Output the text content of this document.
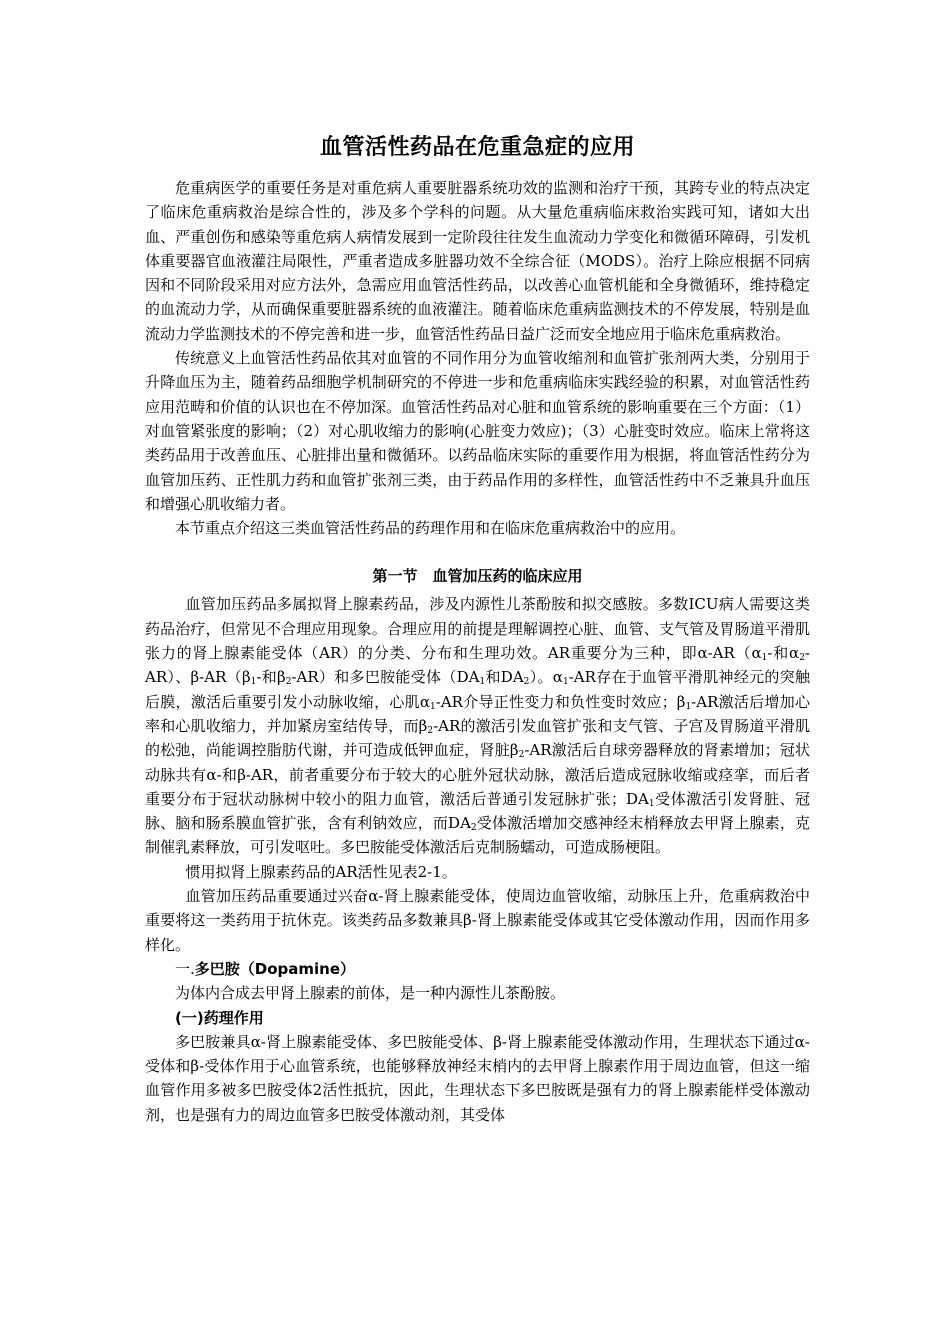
血管活性药品在危重急症的应用

危重病医学的重要任务是对重危病人重要脏器系统功效的监测和治疗干预，其跨专业的特点决定了临床危重病救治是综合性的，涉及多个学科的问题。从大量危重病临床救治实践可知，诸如大出血、严重创伤和感染等重危病人病情发展到一定阶段往往发生血流动力学变化和微循环障碍，引发机体重要器官血液灌注局限性，严重者造成多脏器功效不全综合征（MODS）。治疗上除应根据不同病因和不同阶段采用对应方法外，急需应用血管活性药品，以改善心血管机能和全身微循环，维持稳定的血流动力学，从而确保重要脏器系统的血液灌注。随着临床危重病监测技术的不停发展，特别是血流动力学监测技术的不停完善和进一步，血管活性药品日益广泛而安全地应用于临床危重病救治。

传统意义上血管活性药品依其对血管的不同作用分为血管收缩剂和血管扩张剂两大类，分别用于升降血压为主，随着药品细胞学机制研究的不停进一步和危重病临床实践经验的积累，对血管活性药应用范畴和价值的认识也在不停加深。血管活性药品对心脏和血管系统的影响重要在三个方面：（1）对血管紧张度的影响；（2）对心肌收缩力的影响(心脏变力效应)；（3）心脏变时效应。临床上常将这类药品用于改善血压、心脏排出量和微循环。以药品临床实际的重要作用为根据，将血管活性药分为血管加压药、正性肌力药和血管扩张剂三类，由于药品作用的多样性，血管活性药中不乏兼具升血压和增强心肌收缩力者。

本节重点介绍这三类血管活性药品的药理作用和在临床危重病救治中的应用。

第一节　血管加压药的临床应用

血管加压药品多属拟肾上腺素药品，涉及内源性儿茶酚胺和拟交感胺。多数ICU病人需要这类药品治疗，但常见不合理应用现象。合理应用的前提是理解调控心脏、血管、支气管及胃肠道平滑肌张力的肾上腺素能受体（AR）的分类、分布和生理功效。AR重要分为三种，即$\alpha-AR(\alpha_1-$和$\alpha_2-AR$）、$\beta-AR(\beta_1-$和$\beta_2-AR$）和多巴胺能受体（$DA_1$和$DA_2$）。$\alpha_1-AR$存在于血管平滑肌神经元的突触后膜，激活后重要引发小动脉收缩，心肌$\alpha_1-AR$介导正性变力和负性变时效应；$\beta_1-AR$激活后增加心率和心肌收缩力，并加紧房室结传导，而$\beta_2-AR$的激活引发血管扩张和支气管、子宫及胃肠道平滑肌的松弛，尚能调控脂肪代谢，并可造成低钾血症，肾脏$\beta_2-AR$激活后自球旁器释放的肾素增加；冠状动脉共有α-和β-AR，前者重要分布于较大的心脏外冠状动脉，激活后造成冠脉收缩或痉挛，而后者重要分布于冠状动脉树中较小的阻力血管，激活后普通引发冠脉扩张；$DA_1$受体激活引发肾脏、冠脉、脑和肠系膜血管扩张，含有利钠效应，而$DA_2$受体激活增加交感神经末梢释放去甲肾上腺素，克制催乳素释放，可引发呕吐。多巴胺能受体激活后克制肠蠕动，可造成肠梗阻。

惯用拟肾上腺素药品的AR活性见表2-1。

血管加压药品重要通过兴奋α-肾上腺素能受体，使周边血管收缩，动脉压上升，危重病救治中重要将这一类药用于抗休克。该类药品多数兼具β-肾上腺素能受体或其它受体激动作用，因而作用多样化。

一.多巴胺（Dopamine）

为体内合成去甲肾上腺素的前体，是一种内源性儿茶酚胺。

(一)药理作用

多巴胺兼具α-肾上腺素能受体、多巴胺能受体、β-肾上腺素能受体激动作用，生理状态下通过α-受体和β-受体作用于心血管系统，也能够释放神经末梢内的去甲肾上腺素作用于周边血管，但这一缩血管作用多被多巴胺受体2活性抵抗，因此，生理状态下多巴胺既是强有力的肾上腺素能样受体激动剂，也是强有力的周边血管多巴胺受体激动剂，其受体
